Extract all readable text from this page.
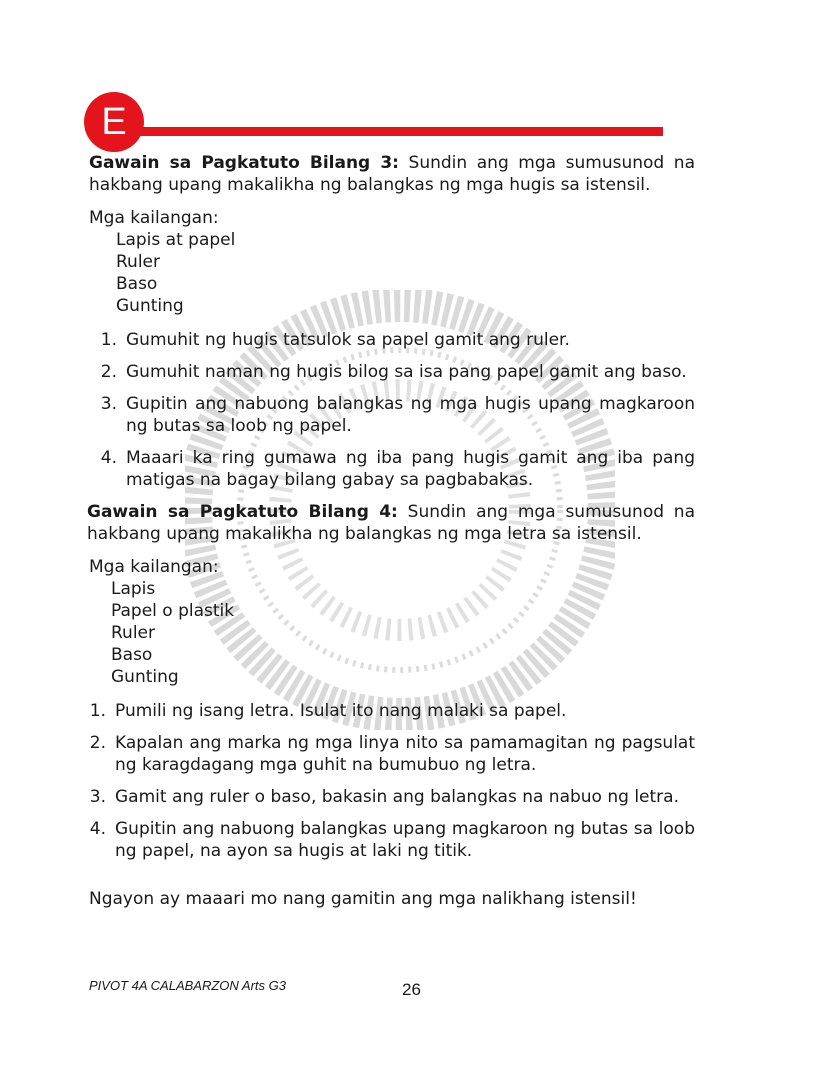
E

Gawain sa Pagkatuto Bilang 3: Sundin ang mga sumusunod na hakbang upang makalikha ng balangkas ng mga hugis sa istensil.

Mga kailangan:
Lapis at papel
Ruler
Baso
Gunting
1. Gumuhit ng hugis tatsulok sa papel gamit ang ruler.
2. Gumuhit naman ng hugis bilog sa isa pang papel gamit ang baso.
3. Gupitin ang nabuong balangkas ng mga hugis upang magkaroon ng butas sa loob ng papel.
4. Maaari ka ring gumawa ng iba pang hugis gamit ang iba pang matigas na bagay bilang gabay sa pagbabakas.

Gawain sa Pagkatuto Bilang 4: Sundin ang mga sumusunod na hakbang upang makalikha ng balangkas ng mga letra sa istensil.

Mga kailangan:
Lapis
Papel o plastik
Ruler
Baso
Gunting
1. Pumili ng isang letra. Isulat ito nang malaki sa papel.
2. Kapalan ang marka ng mga linya nito sa pamamagitan ng pagsulat ng karagdagang mga guhit na bumubuo ng letra.
3. Gamit ang ruler o baso, bakasin ang balangkas na nabuo ng letra.
4. Gupitin ang nabuong balangkas upang magkaroon ng butas sa loob ng papel, na ayon sa hugis at laki ng titik.
Ngayon ay maaari mo nang gamitin ang mga nalikhang istensil!
PIVOT 4A CALABARZON Arts G3	26
